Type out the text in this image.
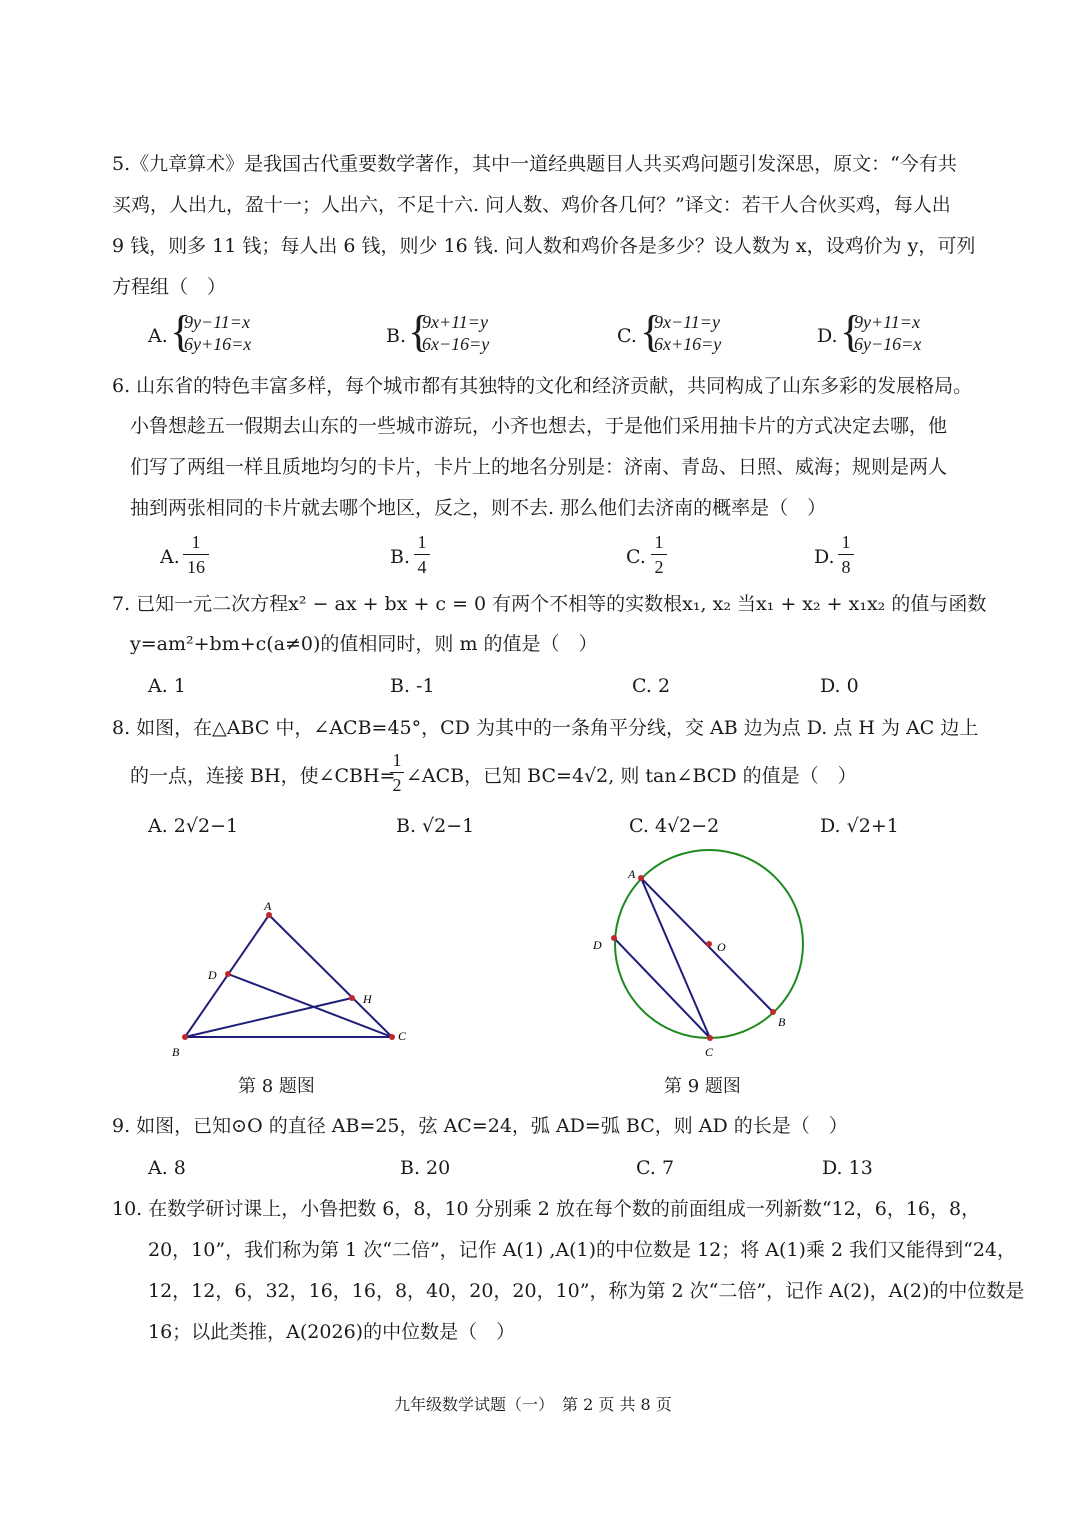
5.《九章算术》是我国古代重要数学著作，其中一道经典题目人共买鸡问题引发深思，原文：“今有共
买鸡，人出九，盈十一；人出六，不足十六. 问人数、鸡价各几何？”译文：若干人合伙买鸡，每人出
9 钱，则多 11 钱；每人出 6 钱，则少 16 钱. 问人数和鸡价各是多少？设人数为 x，设鸡价为 y，可列
方程组（　）
A. {
9y−11=x
6y+16=x	B. {
9x+11=y
6x−16=y	C. {
9x−11=y
6x+16=y	D. {
9y+11=x
6y−16=x
6. 山东省的特色丰富多样，每个城市都有其独特的文化和经济贡献，共同构成了山东多彩的发展格局。
小鲁想趁五一假期去山东的一些城市游玩，小齐也想去，于是他们采用抽卡片的方式决定去哪，他
们写了两组一样且质地均匀的卡片，卡片上的地名分别是：济南、青岛、日照、威海；规则是两人
抽到两张相同的卡片就去哪个地区，反之，则不去. 那么他们去济南的概率是（　）
A.
1
16	B.
1
4	C.
1
2	D.
1
8
7. 已知一元二次方程x² − ax + bx + c = 0 有两个不相等的实数根x₁, x₂ 当x₁ + x₂ + x₁x₂ 的值与函数
y=am²+bm+c(a≠0)的值相同时，则 m 的值是（　）
A. 1	B. -1	C. 2	D. 0
8. 如图，在△ABC 中，∠ACB=45°，CD 为其中的一条角平分线，交 AB 边为点 D. 点 H 为 AC 边上
的一点，连接 BH，使∠CBH=
1
2 ∠ACB，已知 BC=4√2, 则 tan∠BCD 的值是（　）
A. 2√2−1	B. √2−1	C. 4√2−2	D. √2+1
A
B
C
D
H
第 8 题图
A
B
C
D	O
第 9 题图
9. 如图，已知⊙O 的直径 AB=25，弦 AC=24，弧 AD=弧 BC，则 AD 的长是（　）
A. 8	B. 20	C. 7	D. 13
10. 在数学研讨课上，小鲁把数 6，8，10 分别乘 2 放在每个数的前面组成一列新数“12，6，16，8，
20，10”，我们称为第 1 次“二倍”，记作 A(1) ,A(1)的中位数是 12；将 A(1)乘 2 我们又能得到“24，
12，12，6，32，16，16，8，40，20，20，10”，称为第 2 次“二倍”，记作 A(2)，A(2)的中位数是
16；以此类推，A(2026)的中位数是（　）
九年级数学试题（一）　第 2 页 共 8 页
